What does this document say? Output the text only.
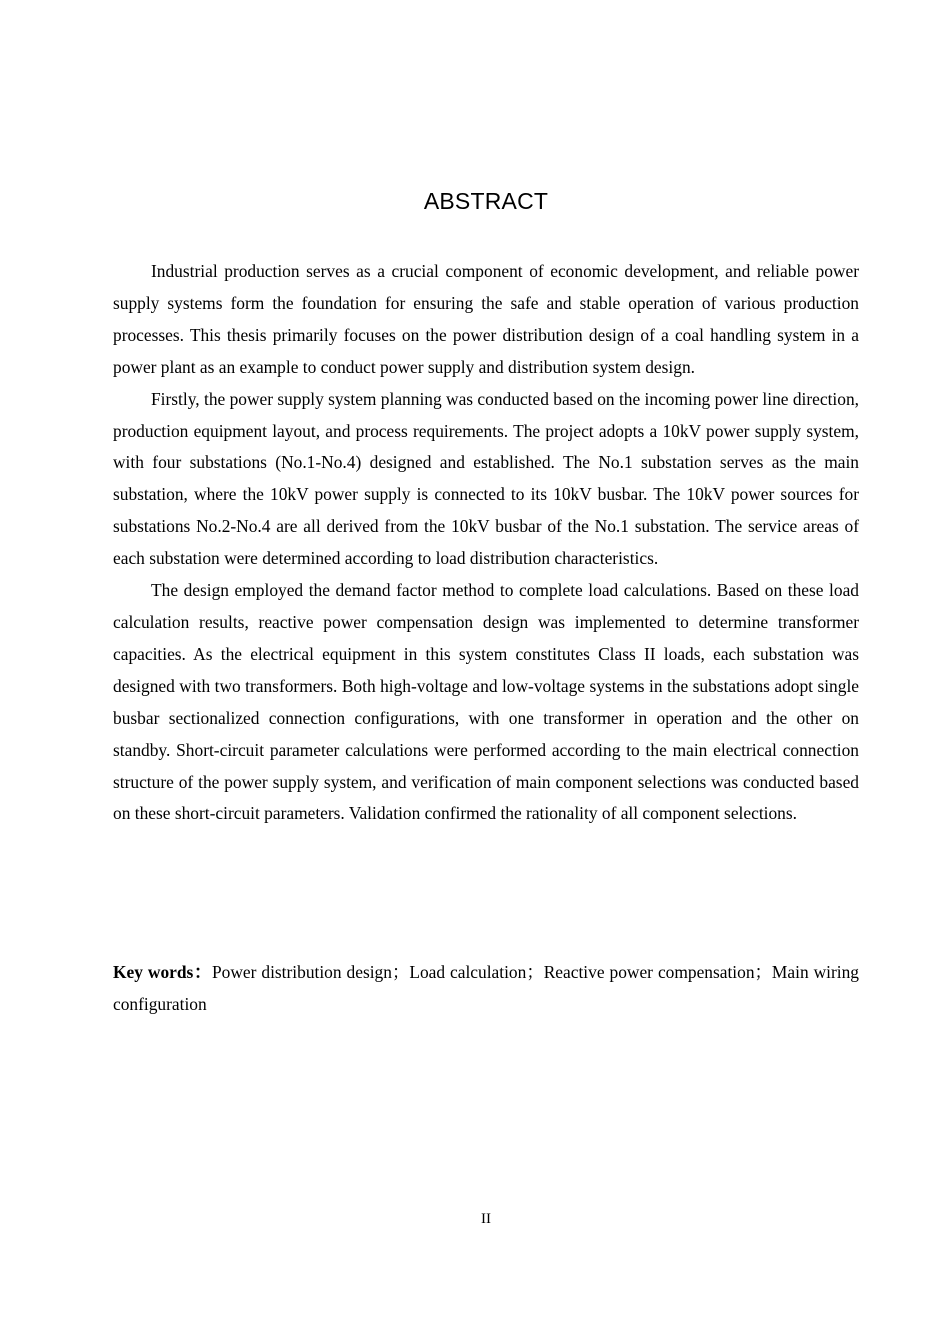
ABSTRACT

Industrial production serves as a crucial component of economic development, and reliable power supply systems form the foundation for ensuring the safe and stable operation of various production processes. This thesis primarily focuses on the power distribution design of a coal handling system in a power plant as an example to conduct power supply and distribution system design.

Firstly, the power supply system planning was conducted based on the incoming power line direction, production equipment layout, and process requirements. The project adopts a 10kV power supply system, with four substations (No.1-No.4) designed and established. The No.1 substation serves as the main substation, where the 10kV power supply is connected to its 10kV busbar. The 10kV power sources for substations No.2-No.4 are all derived from the 10kV busbar of the No.1 substation. The service areas of each substation were determined according to load distribution characteristics.

The design employed the demand factor method to complete load calculations. Based on these load calculation results, reactive power compensation design was implemented to determine transformer capacities. As the electrical equipment in this system constitutes Class II loads, each substation was designed with two transformers. Both high-voltage and low-voltage systems in the substations adopt single busbar sectionalized connection configurations, with one transformer in operation and the other on standby. Short-circuit parameter calculations were performed according to the main electrical connection structure of the power supply system, and verification of main component selections was conducted based on these short-circuit parameters. Validation confirmed the rationality of all component selections.

Key words：Power distribution design；Load calculation；Reactive power compensation；Main wiring configuration

II
